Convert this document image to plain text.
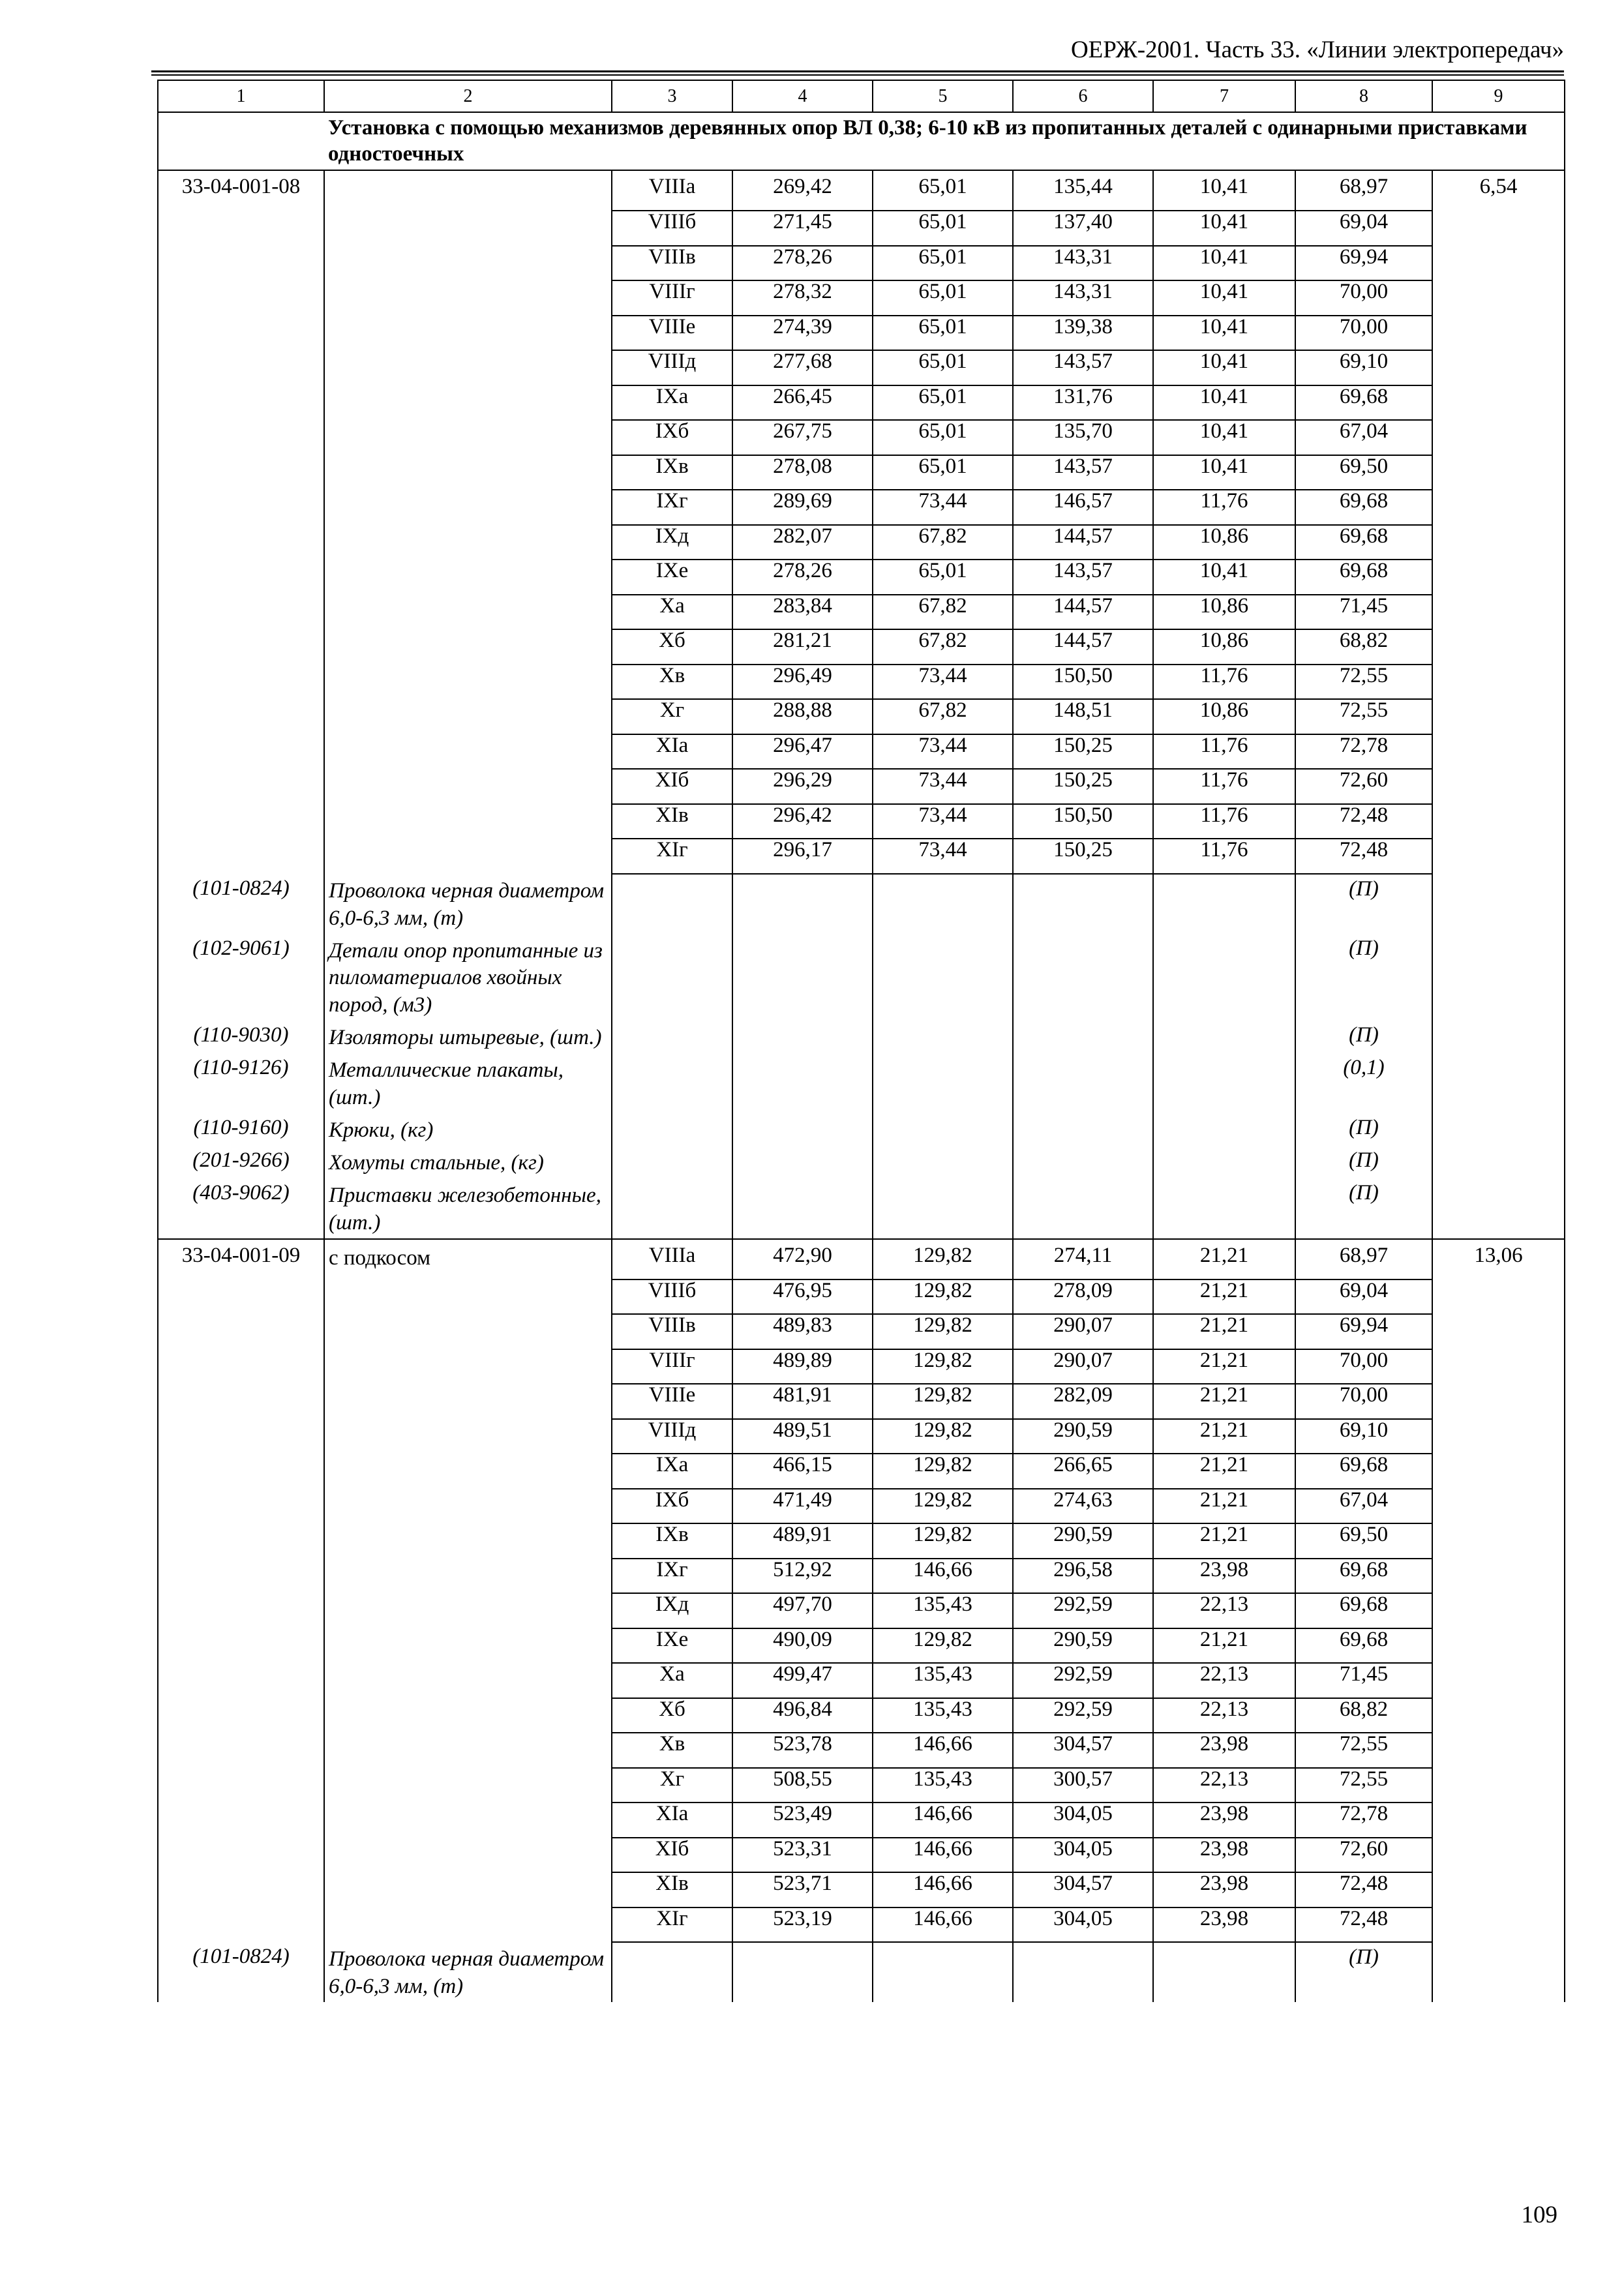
ОЕРЖ-2001. Часть 33. «Линии электропередач»
1	2	3	4	5	6	7	8	9
Установка с помощью механизмов деревянных опор ВЛ 0,38; 6-10 кВ из пропитанных деталей с одинарными приставками одностоечных								
33-04-001-08		VIIIа	269,42	65,01	135,44	10,41	68,97	6,54
		VIIIб	271,45	65,01	137,40	10,41	69,04	
		VIIIв	278,26	65,01	143,31	10,41	69,94	
		VIIIг	278,32	65,01	143,31	10,41	70,00	
		VIIIе	274,39	65,01	139,38	10,41	70,00	
		VIIIд	277,68	65,01	143,57	10,41	69,10	
		IXа	266,45	65,01	131,76	10,41	69,68	
		IXб	267,75	65,01	135,70	10,41	67,04	
		IXв	278,08	65,01	143,57	10,41	69,50	
		IXг	289,69	73,44	146,57	11,76	69,68	
		IXд	282,07	67,82	144,57	10,86	69,68	
		IXе	278,26	65,01	143,57	10,41	69,68	
		Xа	283,84	67,82	144,57	10,86	71,45	
		Xб	281,21	67,82	144,57	10,86	68,82	
		Xв	296,49	73,44	150,50	11,76	72,55	
		Xг	288,88	67,82	148,51	10,86	72,55	
		XIа	296,47	73,44	150,25	11,76	72,78	
		XIб	296,29	73,44	150,25	11,76	72,60	
		XIв	296,42	73,44	150,50	11,76	72,48	
		XIг	296,17	73,44	150,25	11,76	72,48	
(101-0824)	Проволока черная диаметром 6,0-6,3 мм, (т)						(П)	
(102-9061)	Детали опор пропитанные из пиломатериалов хвойных пород, (м3)						(П)	
(110-9030)	Изоляторы штыревые, (шт.)						(П)	
(110-9126)	Металлические плакаты, (шт.)						(0,1)	
(110-9160)	Крюки, (кг)						(П)	
(201-9266)	Хомуты стальные, (кг)						(П)	
(403-9062)	Приставки железобетонные, (шт.)						(П)	
33-04-001-09	с подкосом	VIIIа	472,90	129,82	274,11	21,21	68,97	13,06
		VIIIб	476,95	129,82	278,09	21,21	69,04	
		VIIIв	489,83	129,82	290,07	21,21	69,94	
		VIIIг	489,89	129,82	290,07	21,21	70,00	
		VIIIе	481,91	129,82	282,09	21,21	70,00	
		VIIIд	489,51	129,82	290,59	21,21	69,10	
		IXа	466,15	129,82	266,65	21,21	69,68	
		IXб	471,49	129,82	274,63	21,21	67,04	
		IXв	489,91	129,82	290,59	21,21	69,50	
		IXг	512,92	146,66	296,58	23,98	69,68	
		IXд	497,70	135,43	292,59	22,13	69,68	
		IXе	490,09	129,82	290,59	21,21	69,68	
		Xа	499,47	135,43	292,59	22,13	71,45	
		Xб	496,84	135,43	292,59	22,13	68,82	
		Xв	523,78	146,66	304,57	23,98	72,55	
		Xг	508,55	135,43	300,57	22,13	72,55	
		XIа	523,49	146,66	304,05	23,98	72,78	
		XIб	523,31	146,66	304,05	23,98	72,60	
		XIв	523,71	146,66	304,57	23,98	72,48	
		XIг	523,19	146,66	304,05	23,98	72,48	
(101-0824)	Проволока черная диаметром 6,0-6,3 мм, (т)						(П)	
109
